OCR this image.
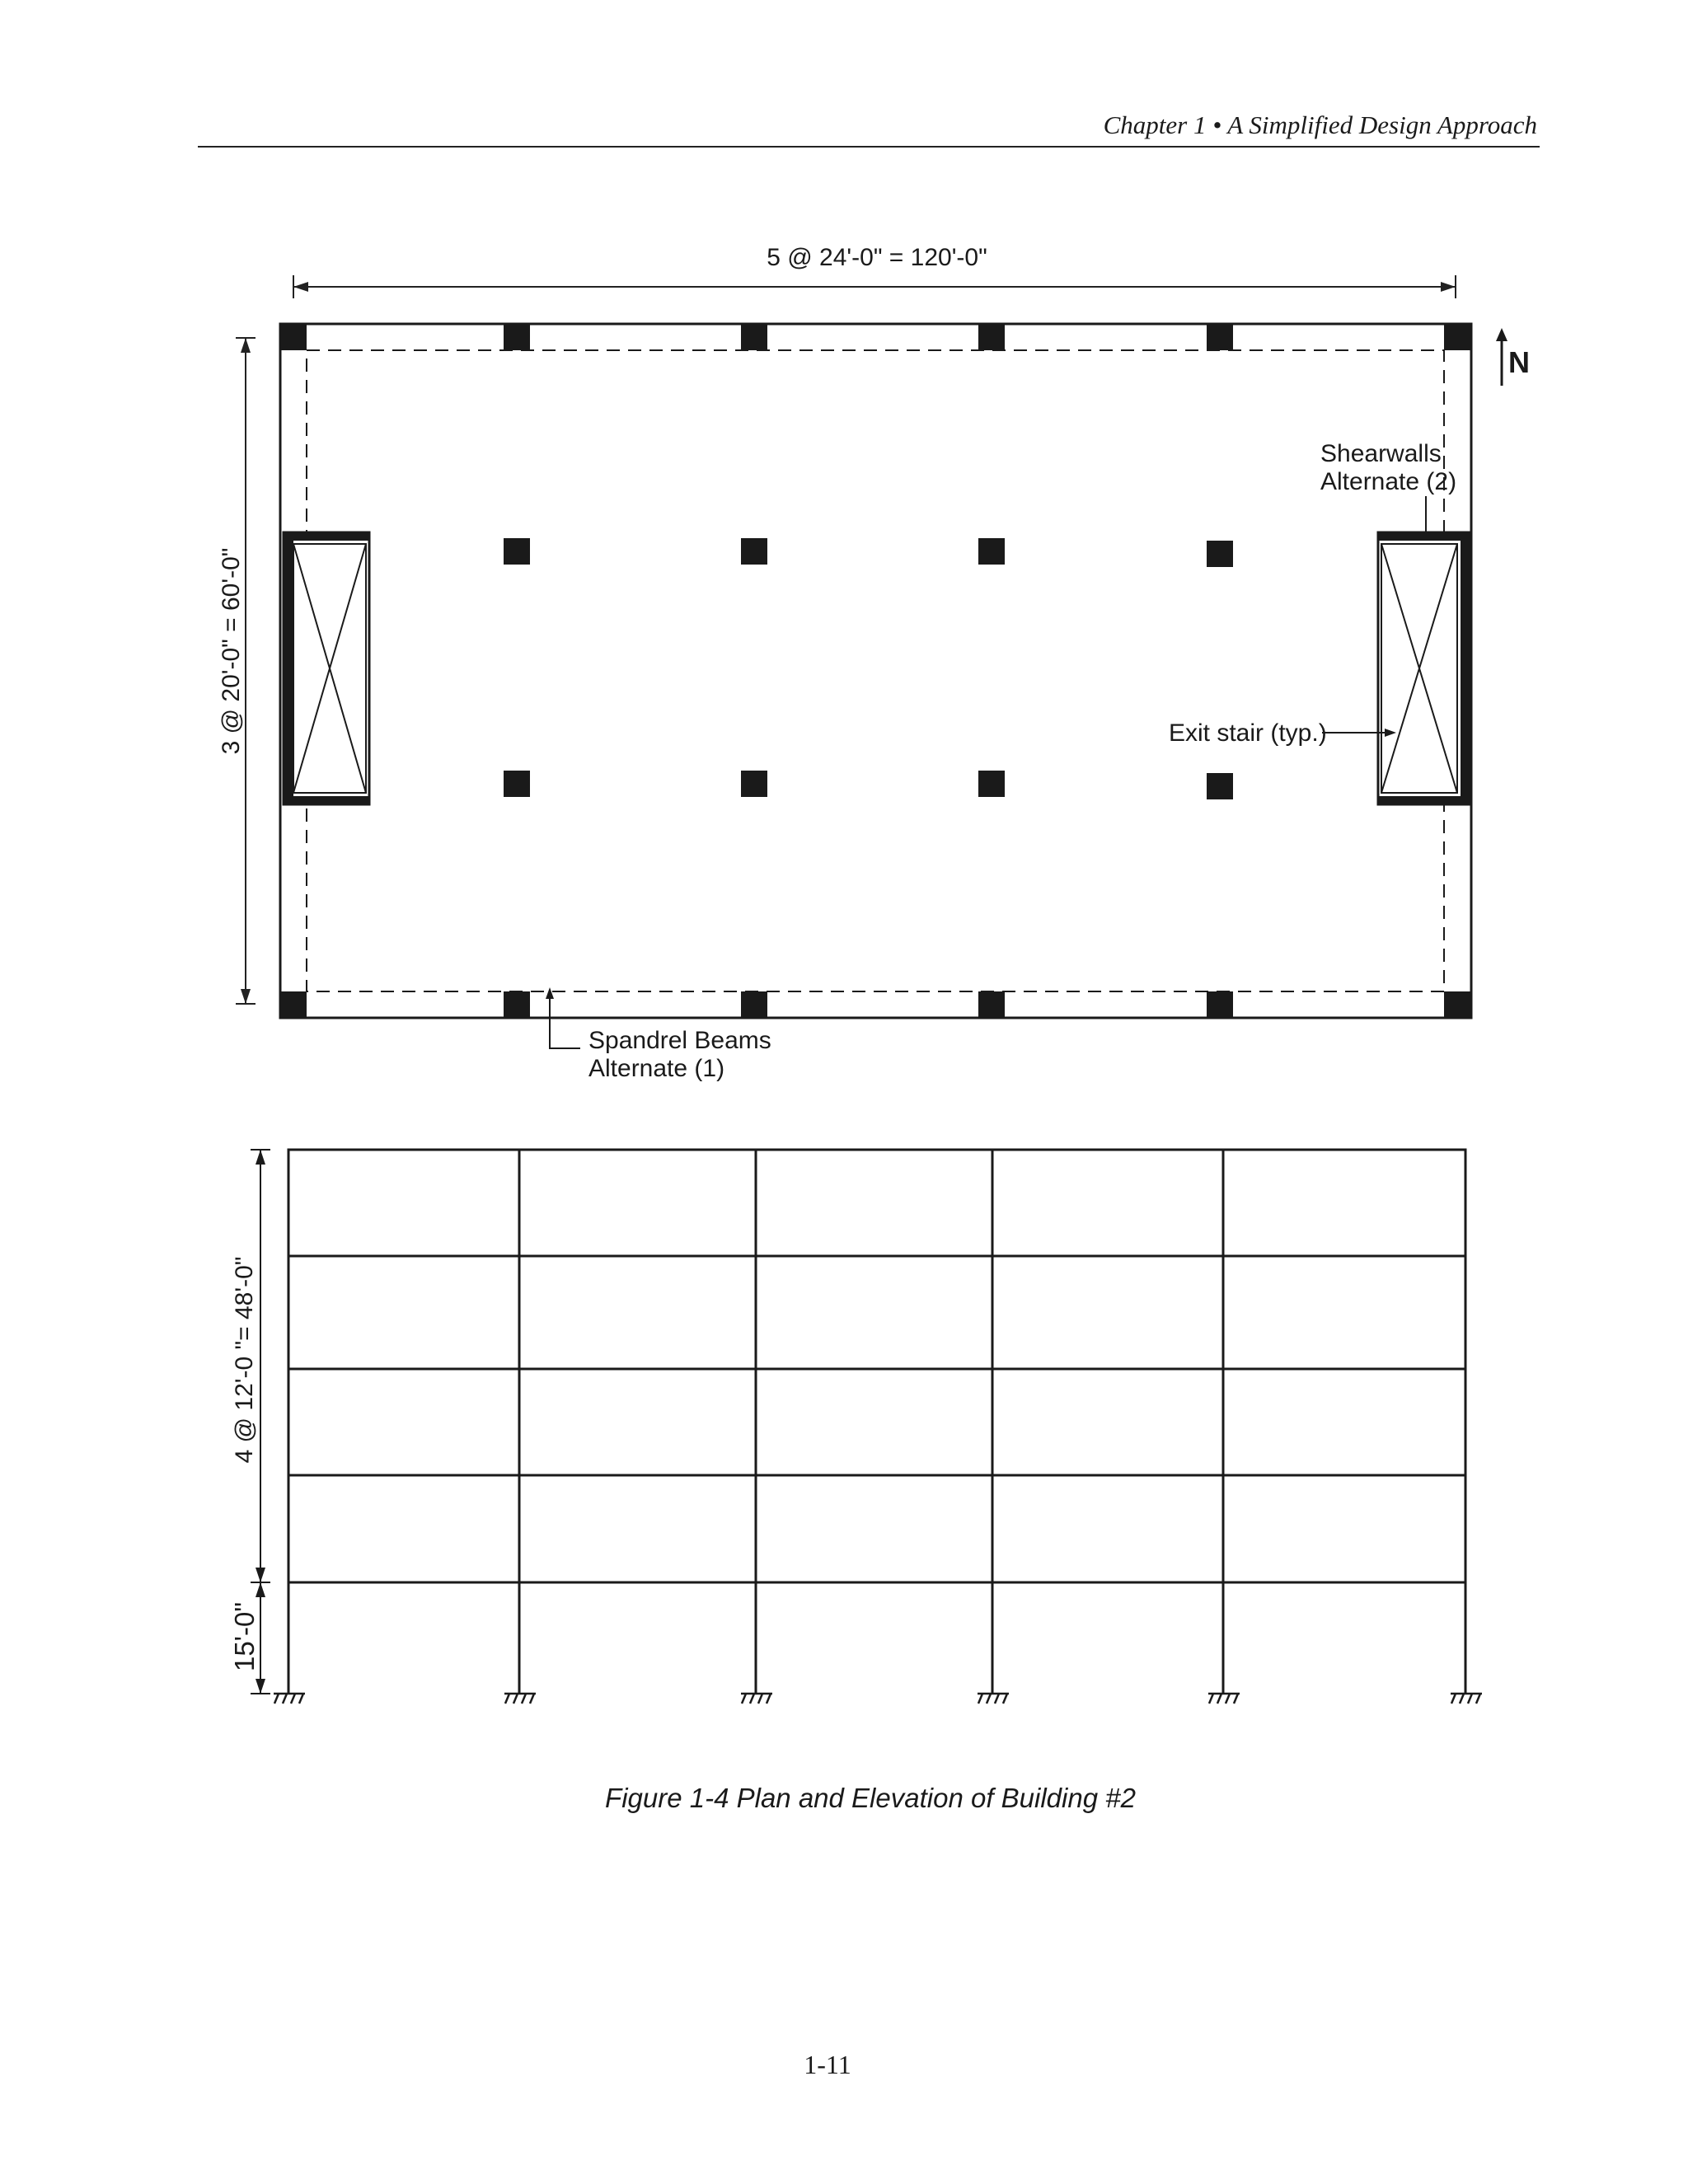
Chapter 1 • A Simplified Design Approach
5 @ 24'-0" = 120'-0"
3 @ 20'-0" = 60'-0"
N
Shearwalls
Alternate (2)
Exit stair (typ.)
Spandrel Beams
Alternate (1)
4 @ 12'-0 "= 48'-0"
15'-0"
Figure 1-4 Plan and Elevation of Building #2
1-11
